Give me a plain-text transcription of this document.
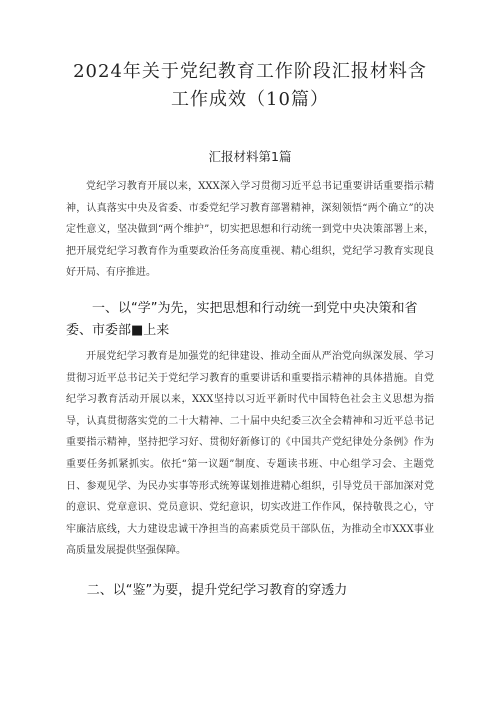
2024年关于党纪教育工作阶段汇报材料含
工作成效（10篇）
汇报材料第1篇

党纪学习教育开展以来，XXX深入学习贯彻习近平总书记重要讲话重要指示精神，认真落实中央及省委、市委党纪学习教育部署精神，深刻领悟“两个确立”的决定性意义，坚决做到“两个维护”，切实把思想和行动统一到党中央决策部署上来，把开展党纪学习教育作为重要政治任务高度重视、精心组织，党纪学习教育实现良好开局、有序推进。

一、以“学”为先，实把思想和行动统一到党中央决策和省委、市委部■上来

开展党纪学习教育是加强党的纪律建设、推动全面从严治党向纵深发展、学习贯彻习近平总书记关于党纪学习教育的重要讲话和重要指示精神的具体措施。自党纪学习教育活动开展以来，XXX坚持以习近平新时代中国特色社会主义思想为指导，认真贯彻落实党的二十大精神、二十届中央纪委三次全会精神和习近平总书记重要指示精神，坚持把学习好、贯彻好新修订的《中国共产党纪律处分条例》作为重要任务抓紧抓实。依托“第一议题”制度、专题读书班、中心组学习会、主题党日、参观见学、为民办实事等形式统筹谋划推进精心组织，引导党员干部加深对党的意识、党章意识、党员意识、党纪意识，切实改进工作作风，保持敬畏之心，守牢廉洁底线，大力建设忠诚干净担当的高素质党员干部队伍，为推动全市XXX事业高质量发展提供坚强保障。

二、以“鉴”为要，提升党纪学习教育的穿透力
